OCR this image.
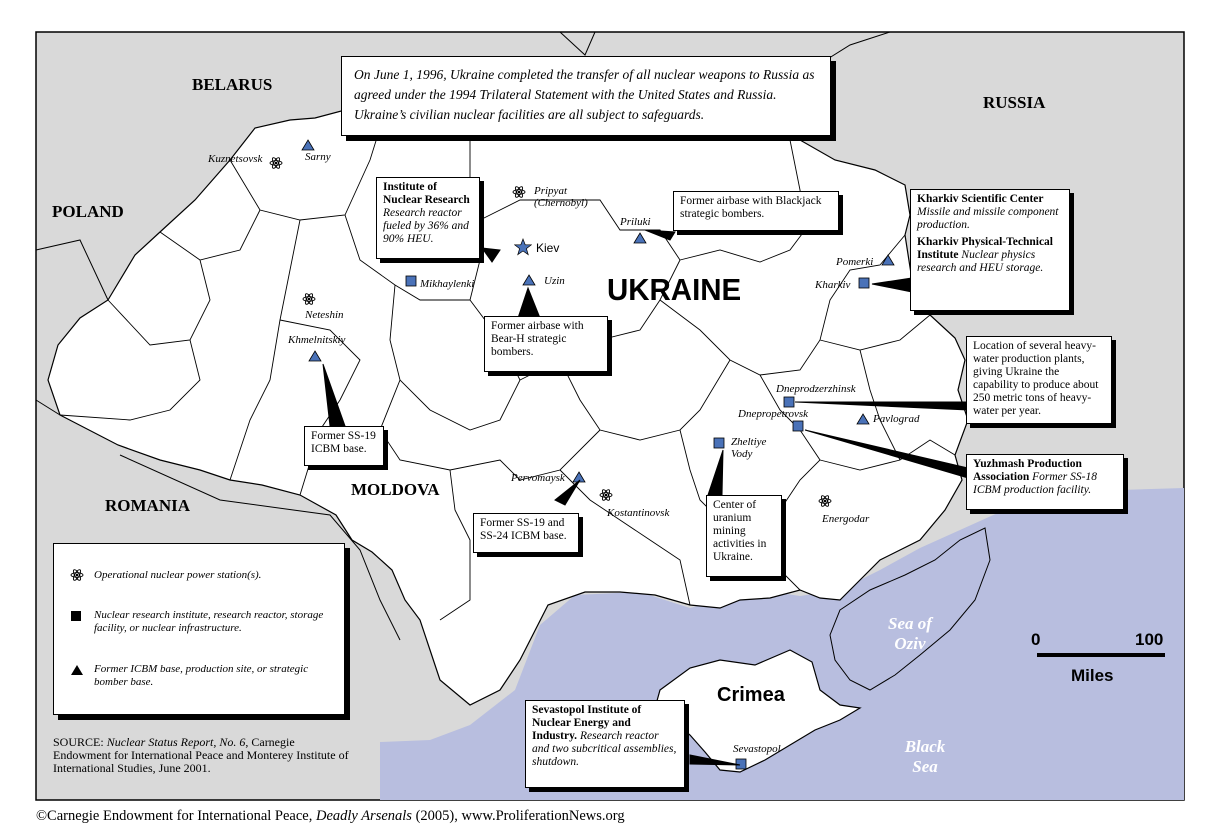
BELARUS
RUSSIA
POLAND
ROMANIA
MOLDOVA
UKRAINE
Crimea
Sea of
Oziv
Black
Sea
On June 1, 1996, Ukraine completed the transfer of all nuclear weapons to Russia as agreed under the 1994 Trilateral Statement with the United States and Russia. Ukraine’s civilian nuclear facilities are all subject to safeguards.
Kuznetsovsk	Sarny
Pripyat
(Chernobyl)
Kiev
Priluki
Mikhaylenki	Uzin
Neteshin
Khmelnitskiy
Pomerki
Kharkiv
Dneprodzerzhinsk
Dnepropetrovsk	Pavlograd
Zheltiye
Vody
Pervomaysk
Kostantinovsk	Energodar
Sevastopol
Institute of Nuclear Research
Research reactor fueled by 36% and 90% HEU.
Former airbase with Blackjack strategic bombers.
Former airbase with Bear-H strategic bombers.
Former SS-19 ICBM base.
Kharkiv Scientific Center
Missile and missile component production.
Kharkiv Physical-Technical Institute Nuclear physics research and HEU storage.
Location of several heavy-water production plants, giving Ukraine the capability to produce about 250 metric tons of heavy-water per year.
Yuzhmash Production Association Former SS-18 ICBM production facility.
Former SS-19 and SS-24 ICBM base.
Center of uranium mining activities in Ukraine.
Sevastopol Institute of Nuclear Energy and Industry. Research reactor and two subcritical assemblies, shutdown.
Operational nuclear power station(s).
Nuclear research institute, research reactor, storage facility, or nuclear infrastructure.
Former ICBM base, production site, or strategic bomber base.
0	100
Miles
SOURCE: Nuclear Status Report, No. 6, Carnegie Endowment for International Peace and Monterey Institute of International Studies, June 2001.
©Carnegie Endowment for International Peace, Deadly Arsenals (2005), www.ProliferationNews.org
